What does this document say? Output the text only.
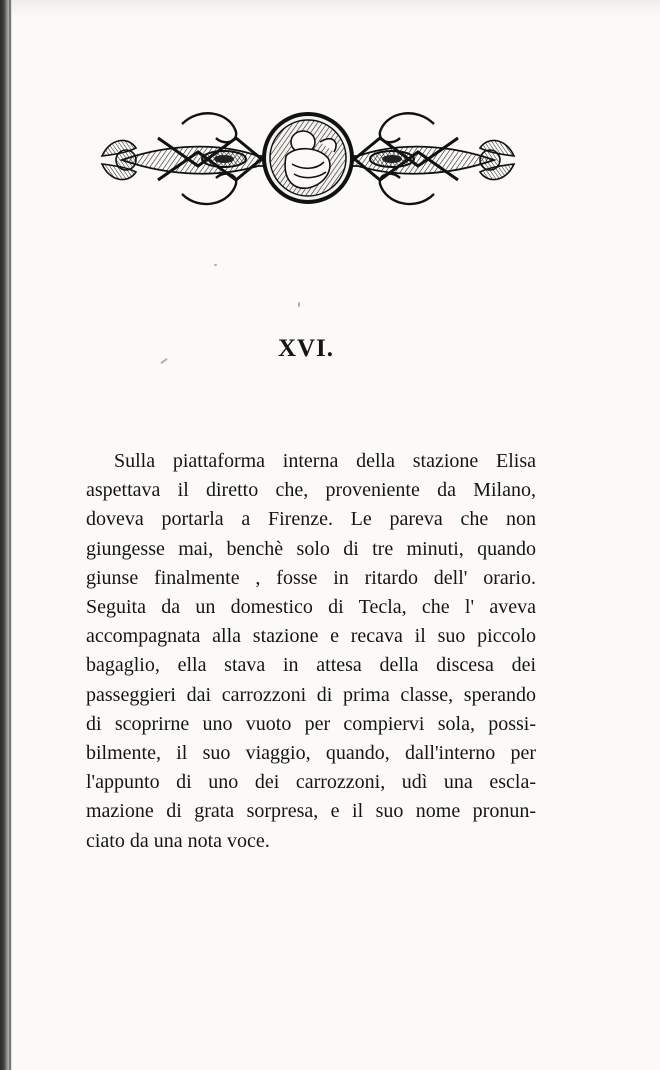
XVI.
Sulla piattaforma interna della stazione Elisa
aspettava il diretto che, proveniente da Milano,
doveva portarla a Firenze. Le pareva che non
giungesse mai, benchè solo di tre minuti, quando
giunse finalmente , fosse in ritardo dell' orario.
Seguita da un domestico di Tecla, che l' aveva
accompagnata alla stazione e recava il suo piccolo
bagaglio, ella stava in attesa della discesa dei
passeggieri dai carrozzoni di prima classe, sperando
di scoprirne uno vuoto per compiervi sola, possi-
bilmente, il suo viaggio, quando, dall'interno per
l'appunto di uno dei carrozzoni, udì una escla-
mazione di grata sorpresa, e il suo nome pronun-
ciato da una nota voce.
